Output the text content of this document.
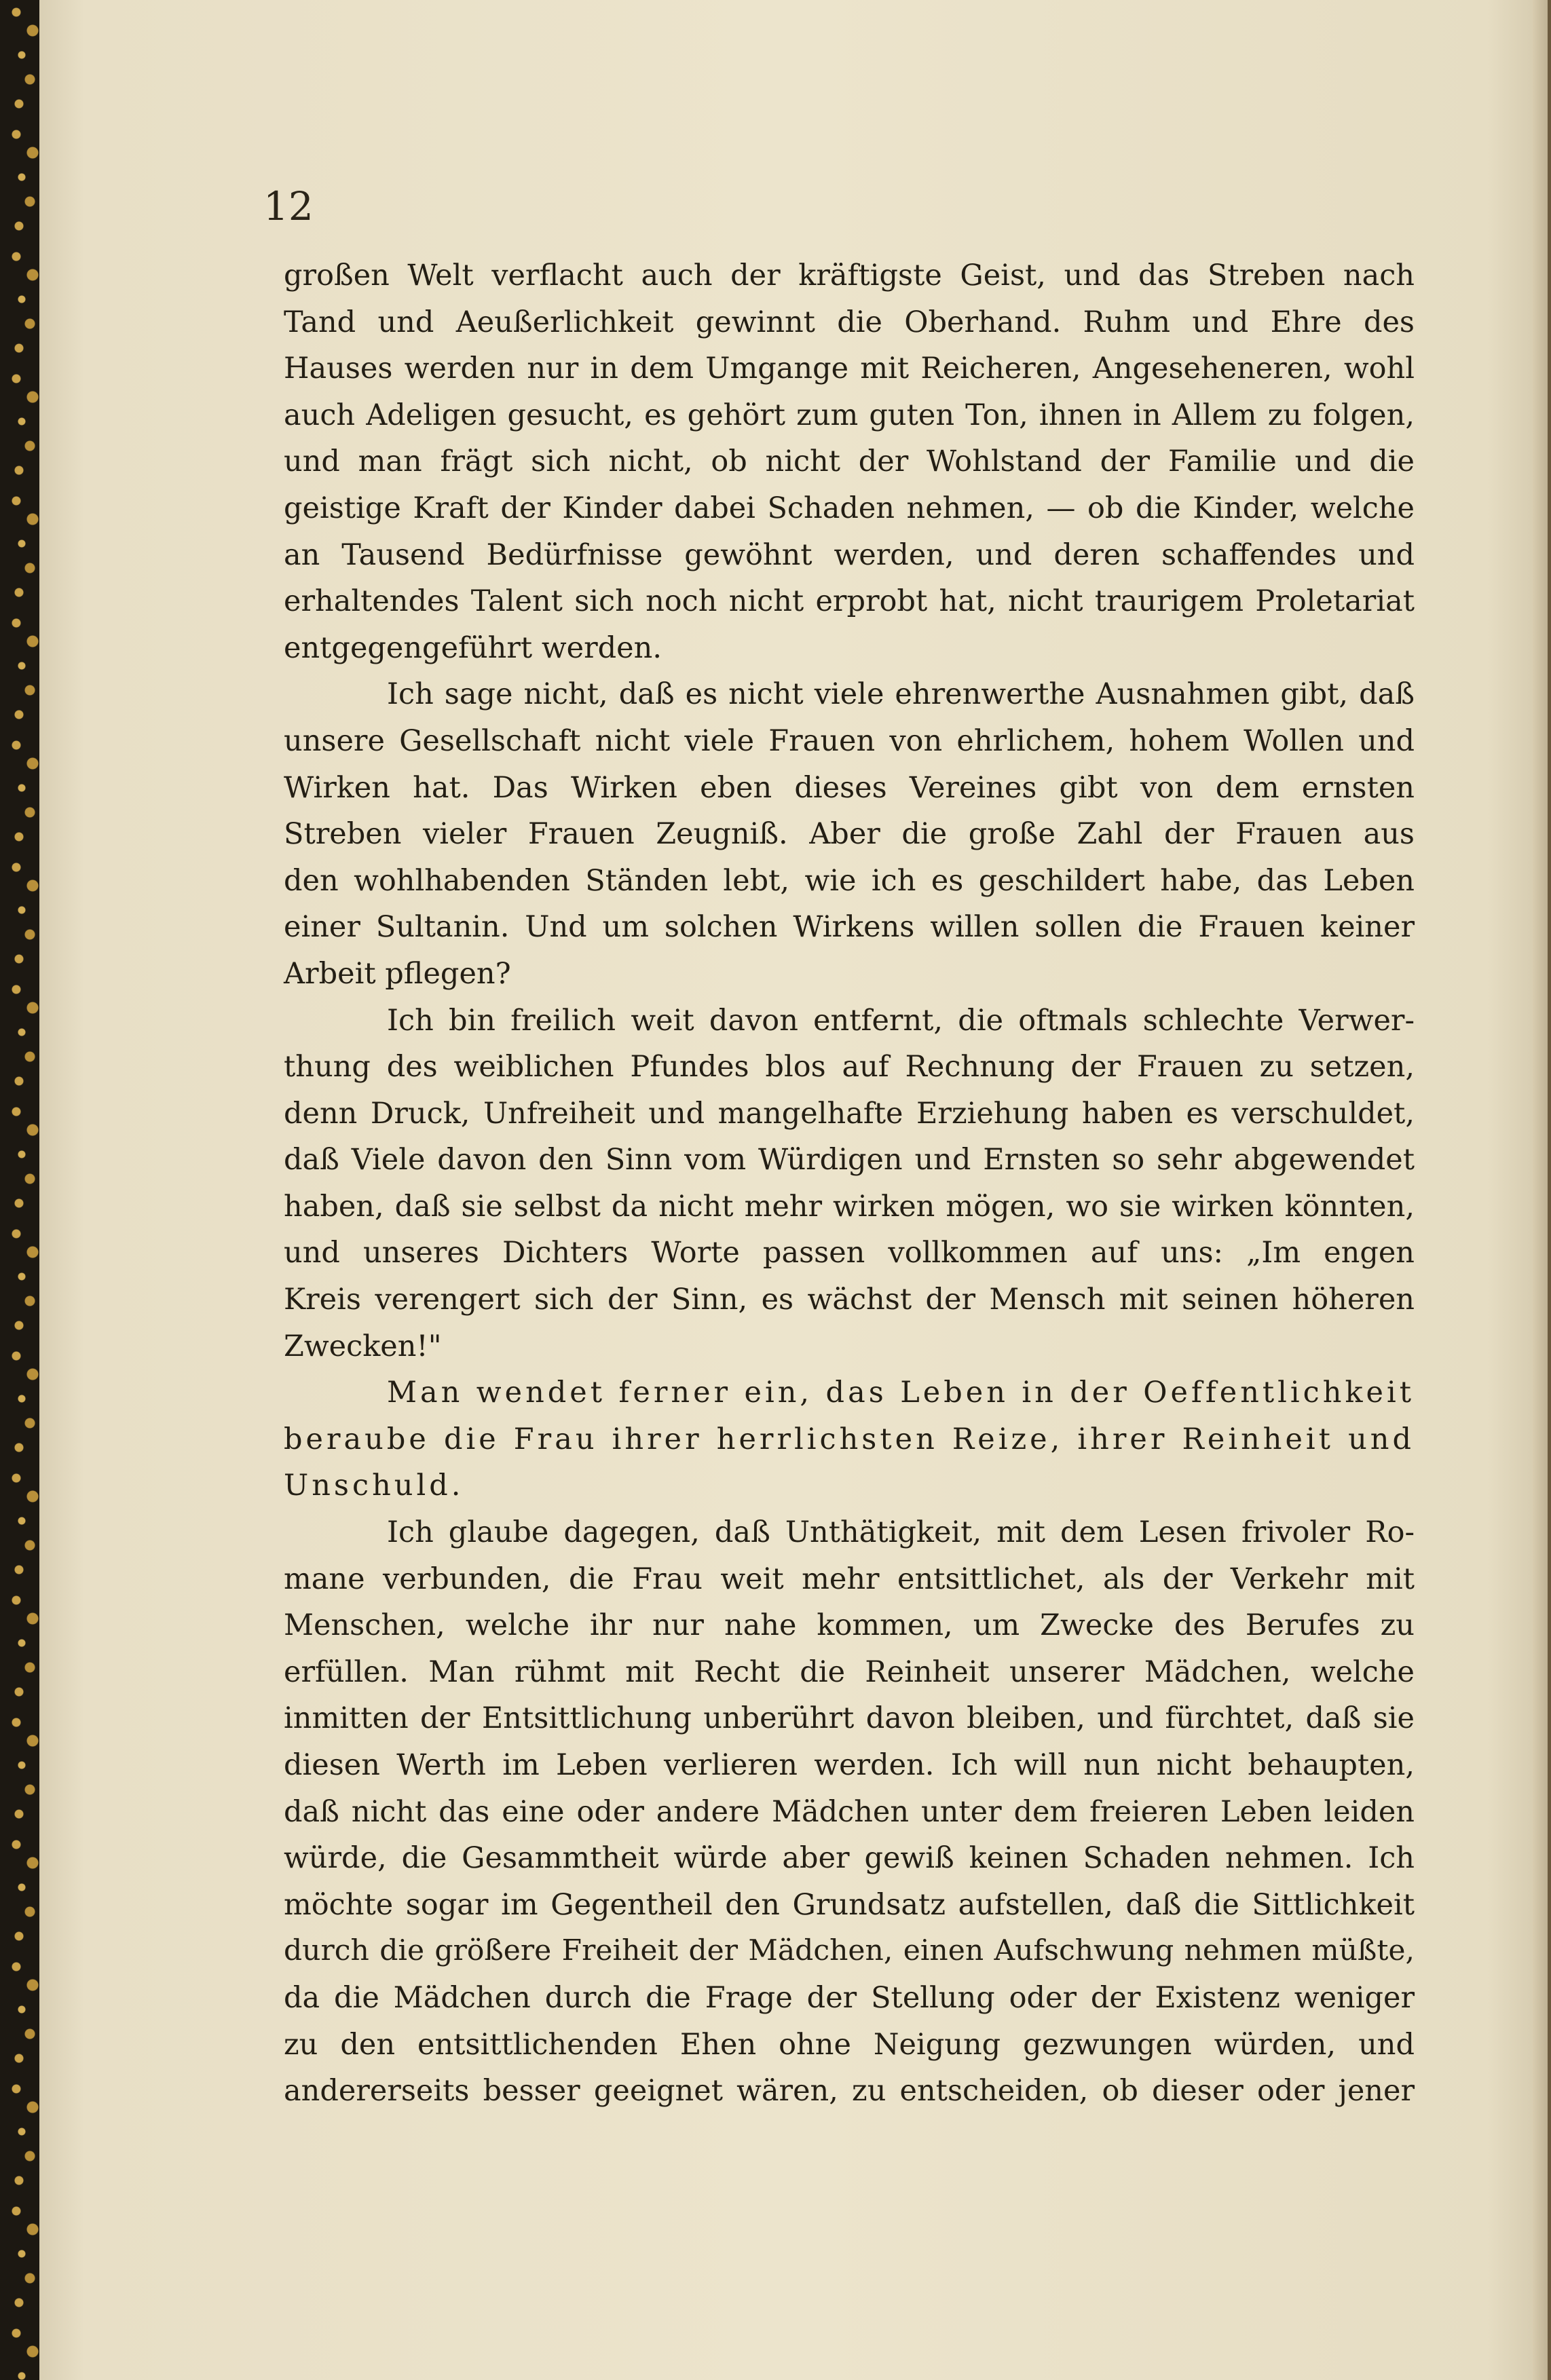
12
großen Welt verflacht auch der kräftigste Geist, und das Streben nach
Tand und Aeußerlichkeit gewinnt die Oberhand. Ruhm und Ehre des
Hauses werden nur in dem Umgange mit Reicheren, Angeseheneren, wohl
auch Adeligen gesucht, es gehört zum guten Ton, ihnen in Allem zu folgen,
und man frägt sich nicht, ob nicht der Wohlstand der Familie und die
geistige Kraft der Kinder dabei Schaden nehmen, — ob die Kinder, welche
an Tausend Bedürfnisse gewöhnt werden, und deren schaffendes und
erhaltendes Talent sich noch nicht erprobt hat, nicht traurigem Proletariat
entgegengeführt werden.
Ich sage nicht, daß es nicht viele ehrenwerthe Ausnahmen gibt, daß
unsere Gesellschaft nicht viele Frauen von ehrlichem, hohem Wollen und
Wirken hat. Das Wirken eben dieses Vereines gibt von dem ernsten
Streben vieler Frauen Zeugniß. Aber die große Zahl der Frauen aus
den wohlhabenden Ständen lebt, wie ich es geschildert habe, das Leben
einer Sultanin. Und um solchen Wirkens willen sollen die Frauen keiner
Arbeit pflegen?
Ich bin freilich weit davon entfernt, die oftmals schlechte Verwer-
thung des weiblichen Pfundes blos auf Rechnung der Frauen zu setzen,
denn Druck, Unfreiheit und mangelhafte Erziehung haben es verschuldet,
daß Viele davon den Sinn vom Würdigen und Ernsten so sehr abgewendet
haben, daß sie selbst da nicht mehr wirken mögen, wo sie wirken könnten,
und unseres Dichters Worte passen vollkommen auf uns: „Im engen
Kreis verengert sich der Sinn, es wächst der Mensch mit seinen höheren
Zwecken!"
Man wendet ferner ein, das Leben in der Oeffentlichkeit
beraube die Frau ihrer herrlichsten Reize, ihrer Reinheit und
Unschuld.
Ich glaube dagegen, daß Unthätigkeit, mit dem Lesen frivoler Ro-
mane verbunden, die Frau weit mehr entsittlichet, als der Verkehr mit
Menschen, welche ihr nur nahe kommen, um Zwecke des Berufes zu
erfüllen. Man rühmt mit Recht die Reinheit unserer Mädchen, welche
inmitten der Entsittlichung unberührt davon bleiben, und fürchtet, daß sie
diesen Werth im Leben verlieren werden. Ich will nun nicht behaupten,
daß nicht das eine oder andere Mädchen unter dem freieren Leben leiden
würde, die Gesammtheit würde aber gewiß keinen Schaden nehmen. Ich
möchte sogar im Gegentheil den Grundsatz aufstellen, daß die Sittlichkeit
durch die größere Freiheit der Mädchen, einen Aufschwung nehmen müßte,
da die Mädchen durch die Frage der Stellung oder der Existenz weniger
zu den entsittlichenden Ehen ohne Neigung gezwungen würden, und
andererseits besser geeignet wären, zu entscheiden, ob dieser oder jener
